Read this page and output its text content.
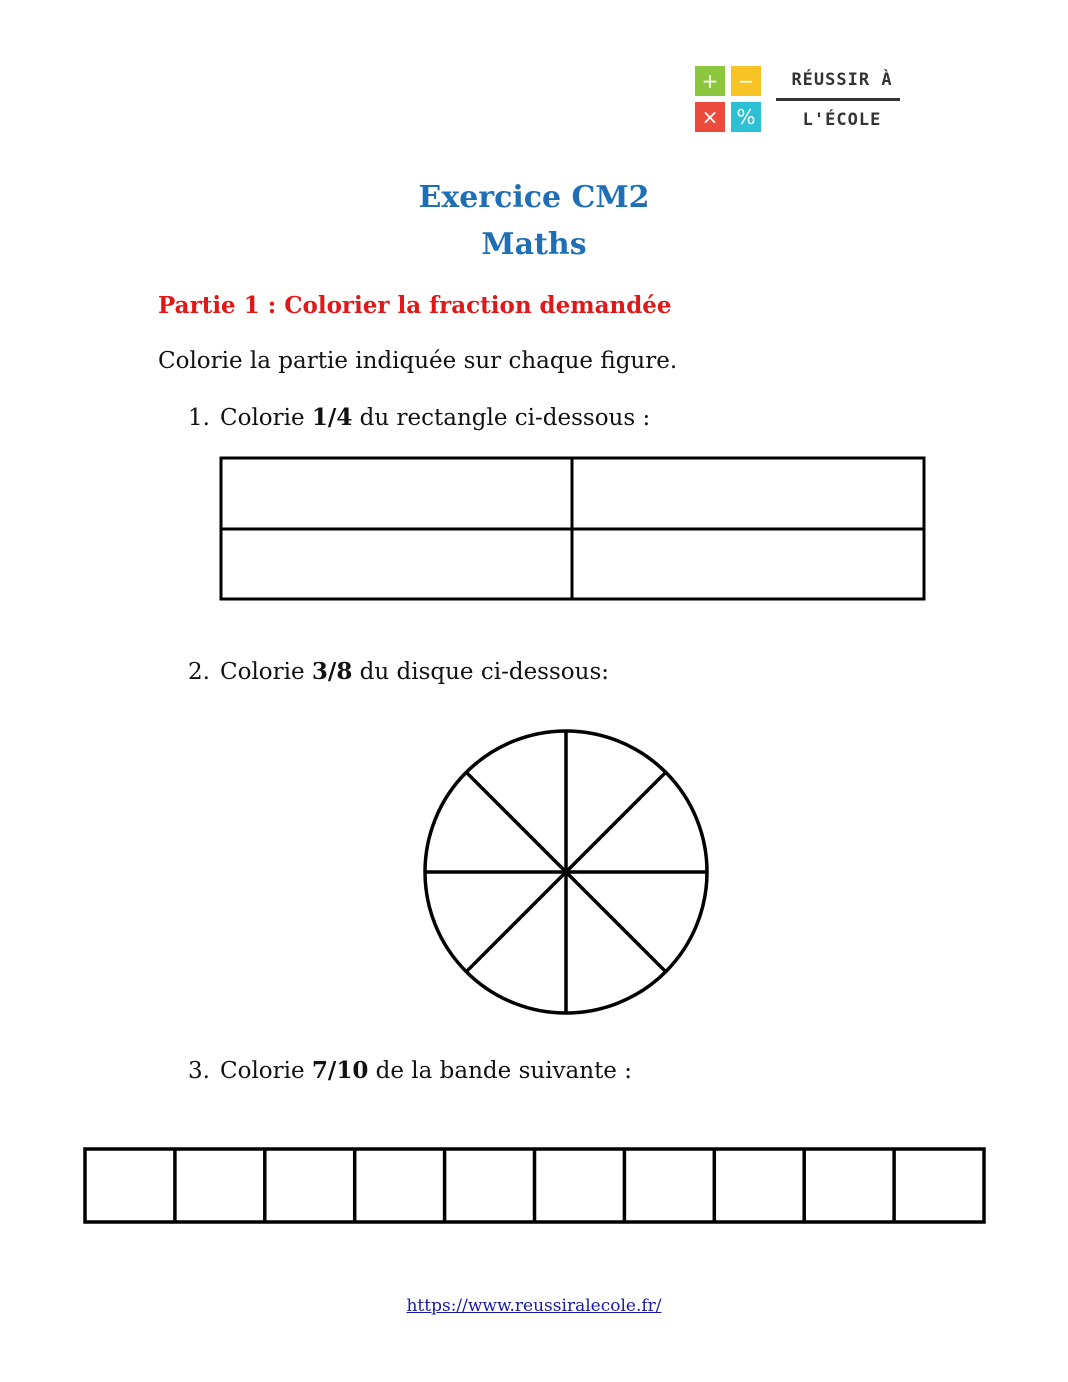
+ −
× %
RÉUSSIR À
L'ÉCOLE
Exercice CM2
Maths
Partie 1 : Colorier la fraction demandée
Colorie la partie indiquée sur chaque figure.
1. Colorie 1/4 du rectangle ci-dessous :
2. Colorie 3/8 du disque ci-dessous:
3. Colorie 7/10 de la bande suivante :
https://www.reussiralecole.fr/
